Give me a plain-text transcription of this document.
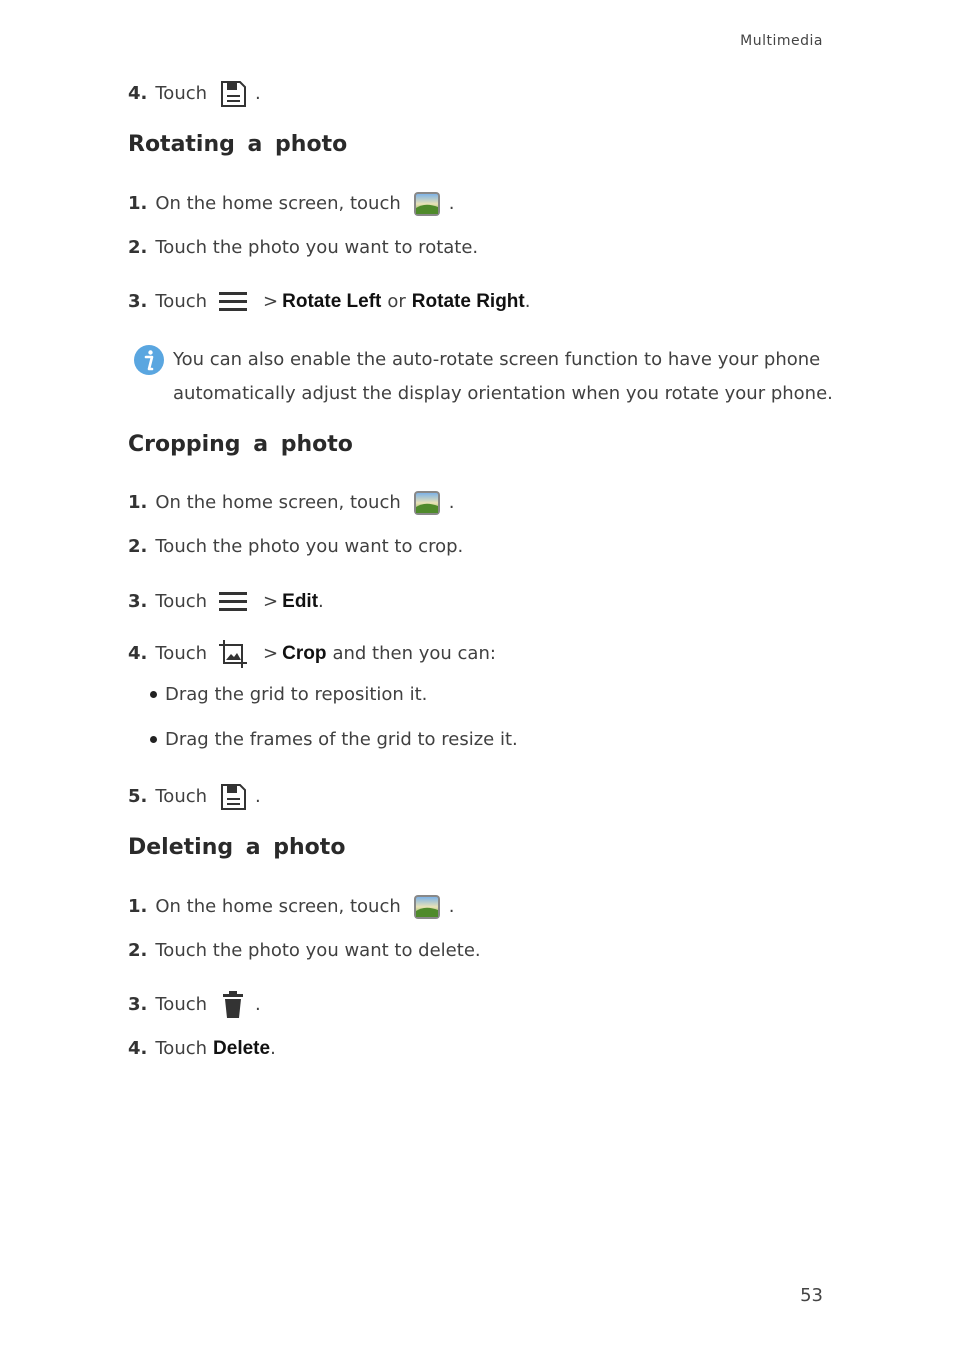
Multimedia
4. Touch	.
Rotating a photo
1. On the home screen, touch	.
2. Touch the photo you want to rotate.
3. Touch	> Rotate Left or Rotate Right .
You can also enable the auto-rotate screen function to have your phone automatically adjust the display orientation when you rotate your phone.
Cropping a photo
1. On the home screen, touch	.
2. Touch the photo you want to crop.
3. Touch	> Edit .
4. Touch	> Crop and then you can:
Drag the grid to reposition it.
Drag the frames of the grid to resize it.
5. Touch	.
Deleting a photo
1. On the home screen, touch	.
2. Touch the photo you want to delete.
3. Touch	.
4. Touch Delete .
53
